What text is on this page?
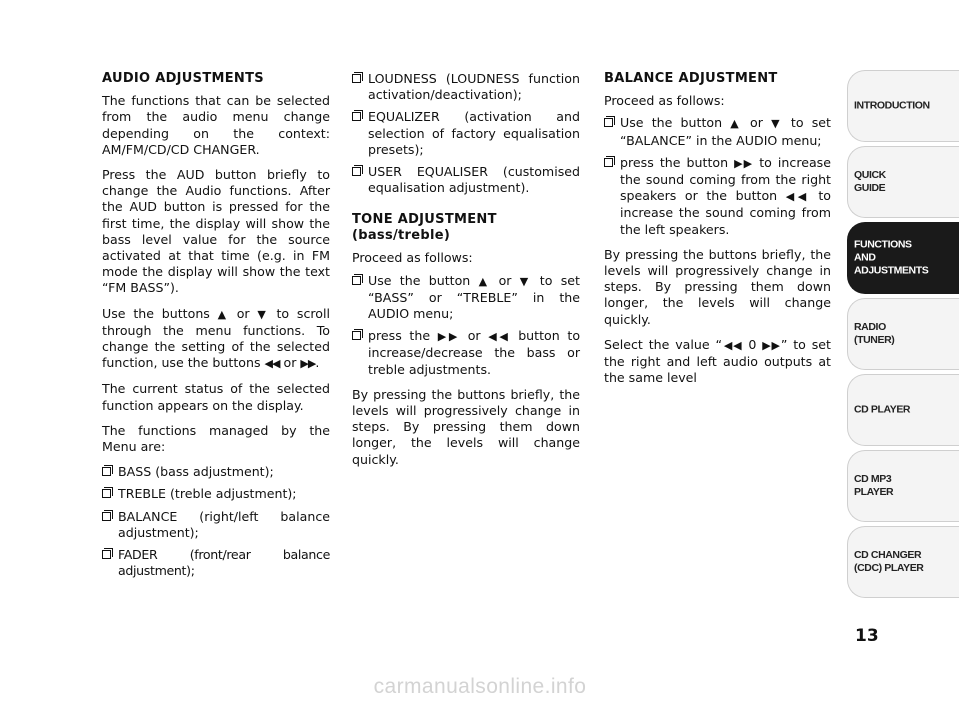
AUDIO ADJUSTMENTS

The functions that can be selected from the audio menu change depending on the context: AM/FM/CD/CD CHANGER.

Press the AUD button briefly to change the Audio functions. After the AUD button is pressed for the first time, the display will show the bass level value for the source activated at that time (e.g. in FM mode the display will show the text “FM BASS”).

Use the buttons ▲ or ▼ to scroll through the menu functions. To change the setting of the selected function, use the buttons ◀◀ or ▶▶.

The current status of the selected function appears on the display.

The functions managed by the Menu are:

BASS (bass adjustment);
TREBLE (treble adjustment);
BALANCE (right/left balance adjustment);
FADER (front/rear balance adjustment);
LOUDNESS (LOUDNESS function activation/deactivation);
EQUALIZER (activation and selection of factory equalisation presets);
USER EQUALISER (customised equalisation adjustment).

TONE ADJUSTMENT
(bass/treble)

Proceed as follows:

Use the button ▲ or ▼ to set “BASS” or “TREBLE” in the AUDIO menu;
press the ▶▶ or ◀◀ button to increase/decrease the bass or treble adjustments.

By pressing the buttons briefly, the levels will progressively change in steps. By pressing them down longer, the levels will change quickly.

BALANCE ADJUSTMENT

Proceed as follows:

Use the button ▲ or ▼ to set “BALANCE” in the AUDIO menu;
press the button ▶▶ to increase the sound coming from the right speakers or the button ◀◀ to increase the sound coming from the left speakers.

By pressing the buttons briefly, the levels will progressively change in steps. By pressing them down longer, the levels will change quickly.

Select the value “◀◀ 0 ▶▶” to set the right and left audio outputs at the same level

INTRODUCTION
QUICK
GUIDE
FUNCTIONS
AND
ADJUSTMENTS
RADIO
(TUNER)
CD PLAYER
CD MP3
PLAYER
CD CHANGER
(CDC) PLAYER
13
carmanualsonline.info
